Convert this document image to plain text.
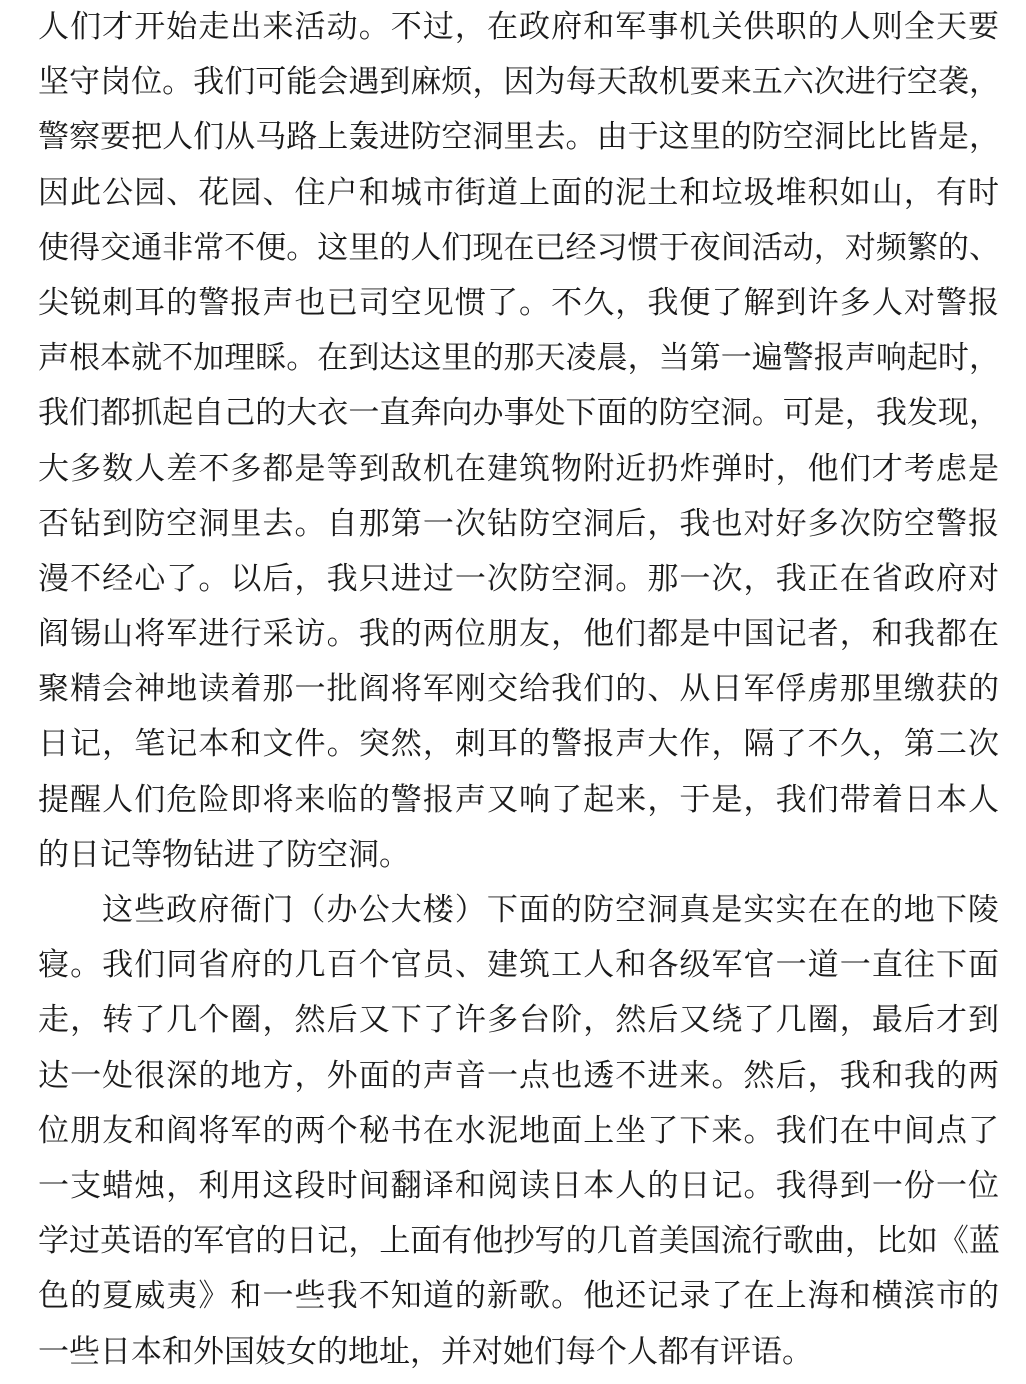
人们才开始走出来活动。不过，在政府和军事机关供职的人则全天要
坚守岗位。我们可能会遇到麻烦，因为每天敌机要来五六次进行空袭，
警察要把人们从马路上轰进防空洞里去。由于这里的防空洞比比皆是，
因此公园、花园、住户和城市街道上面的泥土和垃圾堆积如山，有时
使得交通非常不便。这里的人们现在已经习惯于夜间活动，对频繁的、
尖锐刺耳的警报声也已司空见惯了。不久，我便了解到许多人对警报
声根本就不加理睬。在到达这里的那天凌晨，当第一遍警报声响起时，
我们都抓起自己的大衣一直奔向办事处下面的防空洞。可是，我发现，
大多数人差不多都是等到敌机在建筑物附近扔炸弹时，他们才考虑是
否钻到防空洞里去。自那第一次钻防空洞后，我也对好多次防空警报
漫不经心了。以后，我只进过一次防空洞。那一次，我正在省政府对
阎锡山将军进行采访。我的两位朋友，他们都是中国记者，和我都在
聚精会神地读着那一批阎将军刚交给我们的、从日军俘虏那里缴获的
日记，笔记本和文件。突然，刺耳的警报声大作，隔了不久，第二次
提醒人们危险即将来临的警报声又响了起来，于是，我们带着日本人
的日记等物钻进了防空洞。
这些政府衙门（办公大楼）下面的防空洞真是实实在在的地下陵
寝。我们同省府的几百个官员、建筑工人和各级军官一道一直往下面
走，转了几个圈，然后又下了许多台阶，然后又绕了几圈，最后才到
达一处很深的地方，外面的声音一点也透不进来。然后，我和我的两
位朋友和阎将军的两个秘书在水泥地面上坐了下来。我们在中间点了
一支蜡烛，利用这段时间翻译和阅读日本人的日记。我得到一份一位
学过英语的军官的日记，上面有他抄写的几首美国流行歌曲，比如《蓝
色的夏威夷》和一些我不知道的新歌。他还记录了在上海和横滨市的
一些日本和外国妓女的地址，并对她们每个人都有评语。
